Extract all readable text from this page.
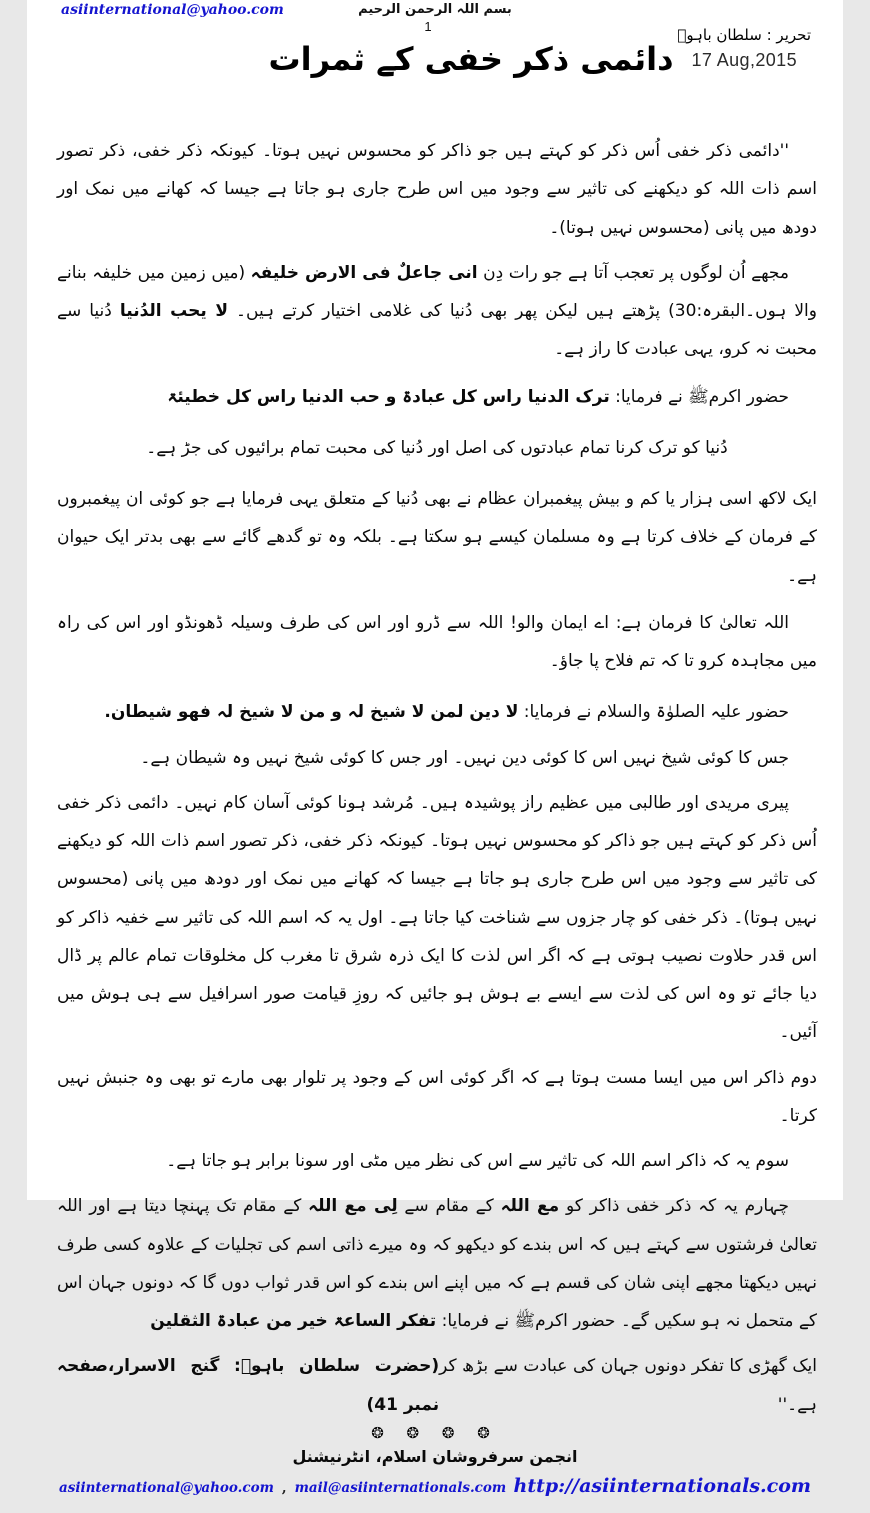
asiinternational@yahoo.com	بسم اللہ الرحمن الرحیم
1	تحریر : سلطان باہوؒ
17 Aug,2015
دائمی ذکر خفی کے ثمرات

''دائمی ذکر خفی اُس ذکر کو کہتے ہیں جو ذاکر کو محسوس نہیں ہوتا۔ کیونکہ ذکر خفی، ذکر تصور اسم ذات اللہ کو دیکھنے کی تاثیر سے وجود میں اس طرح جاری ہو جاتا ہے جیسا کہ کھانے میں نمک اور دودھ میں پانی (محسوس نہیں ہوتا)۔

مجھے اُن لوگوں پر تعجب آتا ہے جو رات دِن انی جاعلٌ فی الارض خلیفہ (میں زمین میں خلیفہ بنانے والا ہوں۔البقرہ:30) پڑھتے ہیں لیکن پھر بھی دُنیا کی غلامی اختیار کرتے ہیں۔ لا یحب الدُنیا دُنیا سے محبت نہ کرو، یہی عبادت کا راز ہے۔

حضور اکرمﷺ نے فرمایا: ترک الدنیا راس کل عبادۃ و حب الدنیا راس کل خطیئۃ

دُنیا کو ترک کرنا تمام عبادتوں کی اصل اور دُنیا کی محبت تمام برائیوں کی جڑ ہے۔

ایک لاکھ اسی ہزار یا کم و بیش پیغمبران عظام نے بھی دُنیا کے متعلق یہی فرمایا ہے جو کوئی ان پیغمبروں کے فرمان کے خلاف کرتا ہے وہ مسلمان کیسے ہو سکتا ہے۔ بلکہ وہ تو گدھے گائے سے بھی بدتر ایک حیوان ہے۔

اللہ تعالیٰ کا فرمان ہے: اے ایمان والو! اللہ سے ڈرو اور اس کی طرف وسیلہ ڈھونڈو اور اس کی راہ میں مجاہدہ کرو تا کہ تم فلاح پا جاؤ۔

حضور علیہ الصلوٰۃ والسلام نے فرمایا: لا دین لمن لا شیخ لہ و من لا شیخ لہ فھو شیطان.

جس کا کوئی شیخ نہیں اس کا کوئی دین نہیں۔ اور جس کا کوئی شیخ نہیں وہ شیطان ہے۔

پیری مریدی اور طالبی میں عظیم راز پوشیدہ ہیں۔ مُرشد ہونا کوئی آسان کام نہیں۔ دائمی ذکر خفی اُس ذکر کو کہتے ہیں جو ذاکر کو محسوس نہیں ہوتا۔ کیونکہ ذکر خفی، ذکر تصور اسم ذات اللہ کو دیکھنے کی تاثیر سے وجود میں اس طرح جاری ہو جاتا ہے جیسا کہ کھانے میں نمک اور دودھ میں پانی (محسوس نہیں ہوتا)۔ ذکر خفی کو چار جزوں سے شناخت کیا جاتا ہے۔ اول یہ کہ اسم اللہ کی تاثیر سے خفیہ ذاکر کو اس قدر حلاوت نصیب ہوتی ہے کہ اگر اس لذت کا ایک ذرہ شرق تا مغرب کل مخلوقات تمام عالم پر ڈال دیا جائے تو وہ اس کی لذت سے ایسے بے ہوش ہو جائیں کہ روزِ قیامت صور اسرافیل سے ہی ہوش میں آئیں۔

دوم ذاکر اس میں ایسا مست ہوتا ہے کہ اگر کوئی اس کے وجود پر تلوار بھی مارے تو بھی وہ جنبش نہیں کرتا۔

سوم یہ کہ ذاکر اسم اللہ کی تاثیر سے اس کی نظر میں مٹی اور سونا برابر ہو جاتا ہے۔

چہارم یہ کہ ذکر خفی ذاکر کو مع اللہ کے مقام سے لِی مع اللہ کے مقام تک پہنچا دیتا ہے اور اللہ تعالیٰ فرشتوں سے کہتے ہیں کہ اس بندے کو دیکھو کہ وہ میرے ذاتی اسم کی تجلیات کے علاوہ کسی طرف نہیں دیکھتا مجھے اپنی شان کی قسم ہے کہ میں اپنے اس بندے کو اس قدر ثواب دوں گا کہ دونوں جہان اس کے متحمل نہ ہو سکیں گے۔ حضور اکرمﷺ نے فرمایا: تفکر الساعۃ خیر من عبادۃ الثقلین

ایک گھڑی کا تفکر دونوں جہان کی عبادت سے بڑھ کر ہے۔''
(حضرت سلطان باہوؒ: گنج الاسرار،صفحہ نمبر 41)
❂ ❂ ❂ ❂
انجمن سرفروشان اسلام، انٹرنیشنل
asiinternational@yahoo.com , mail@asiinternationals.com http://asiinternationals.com
